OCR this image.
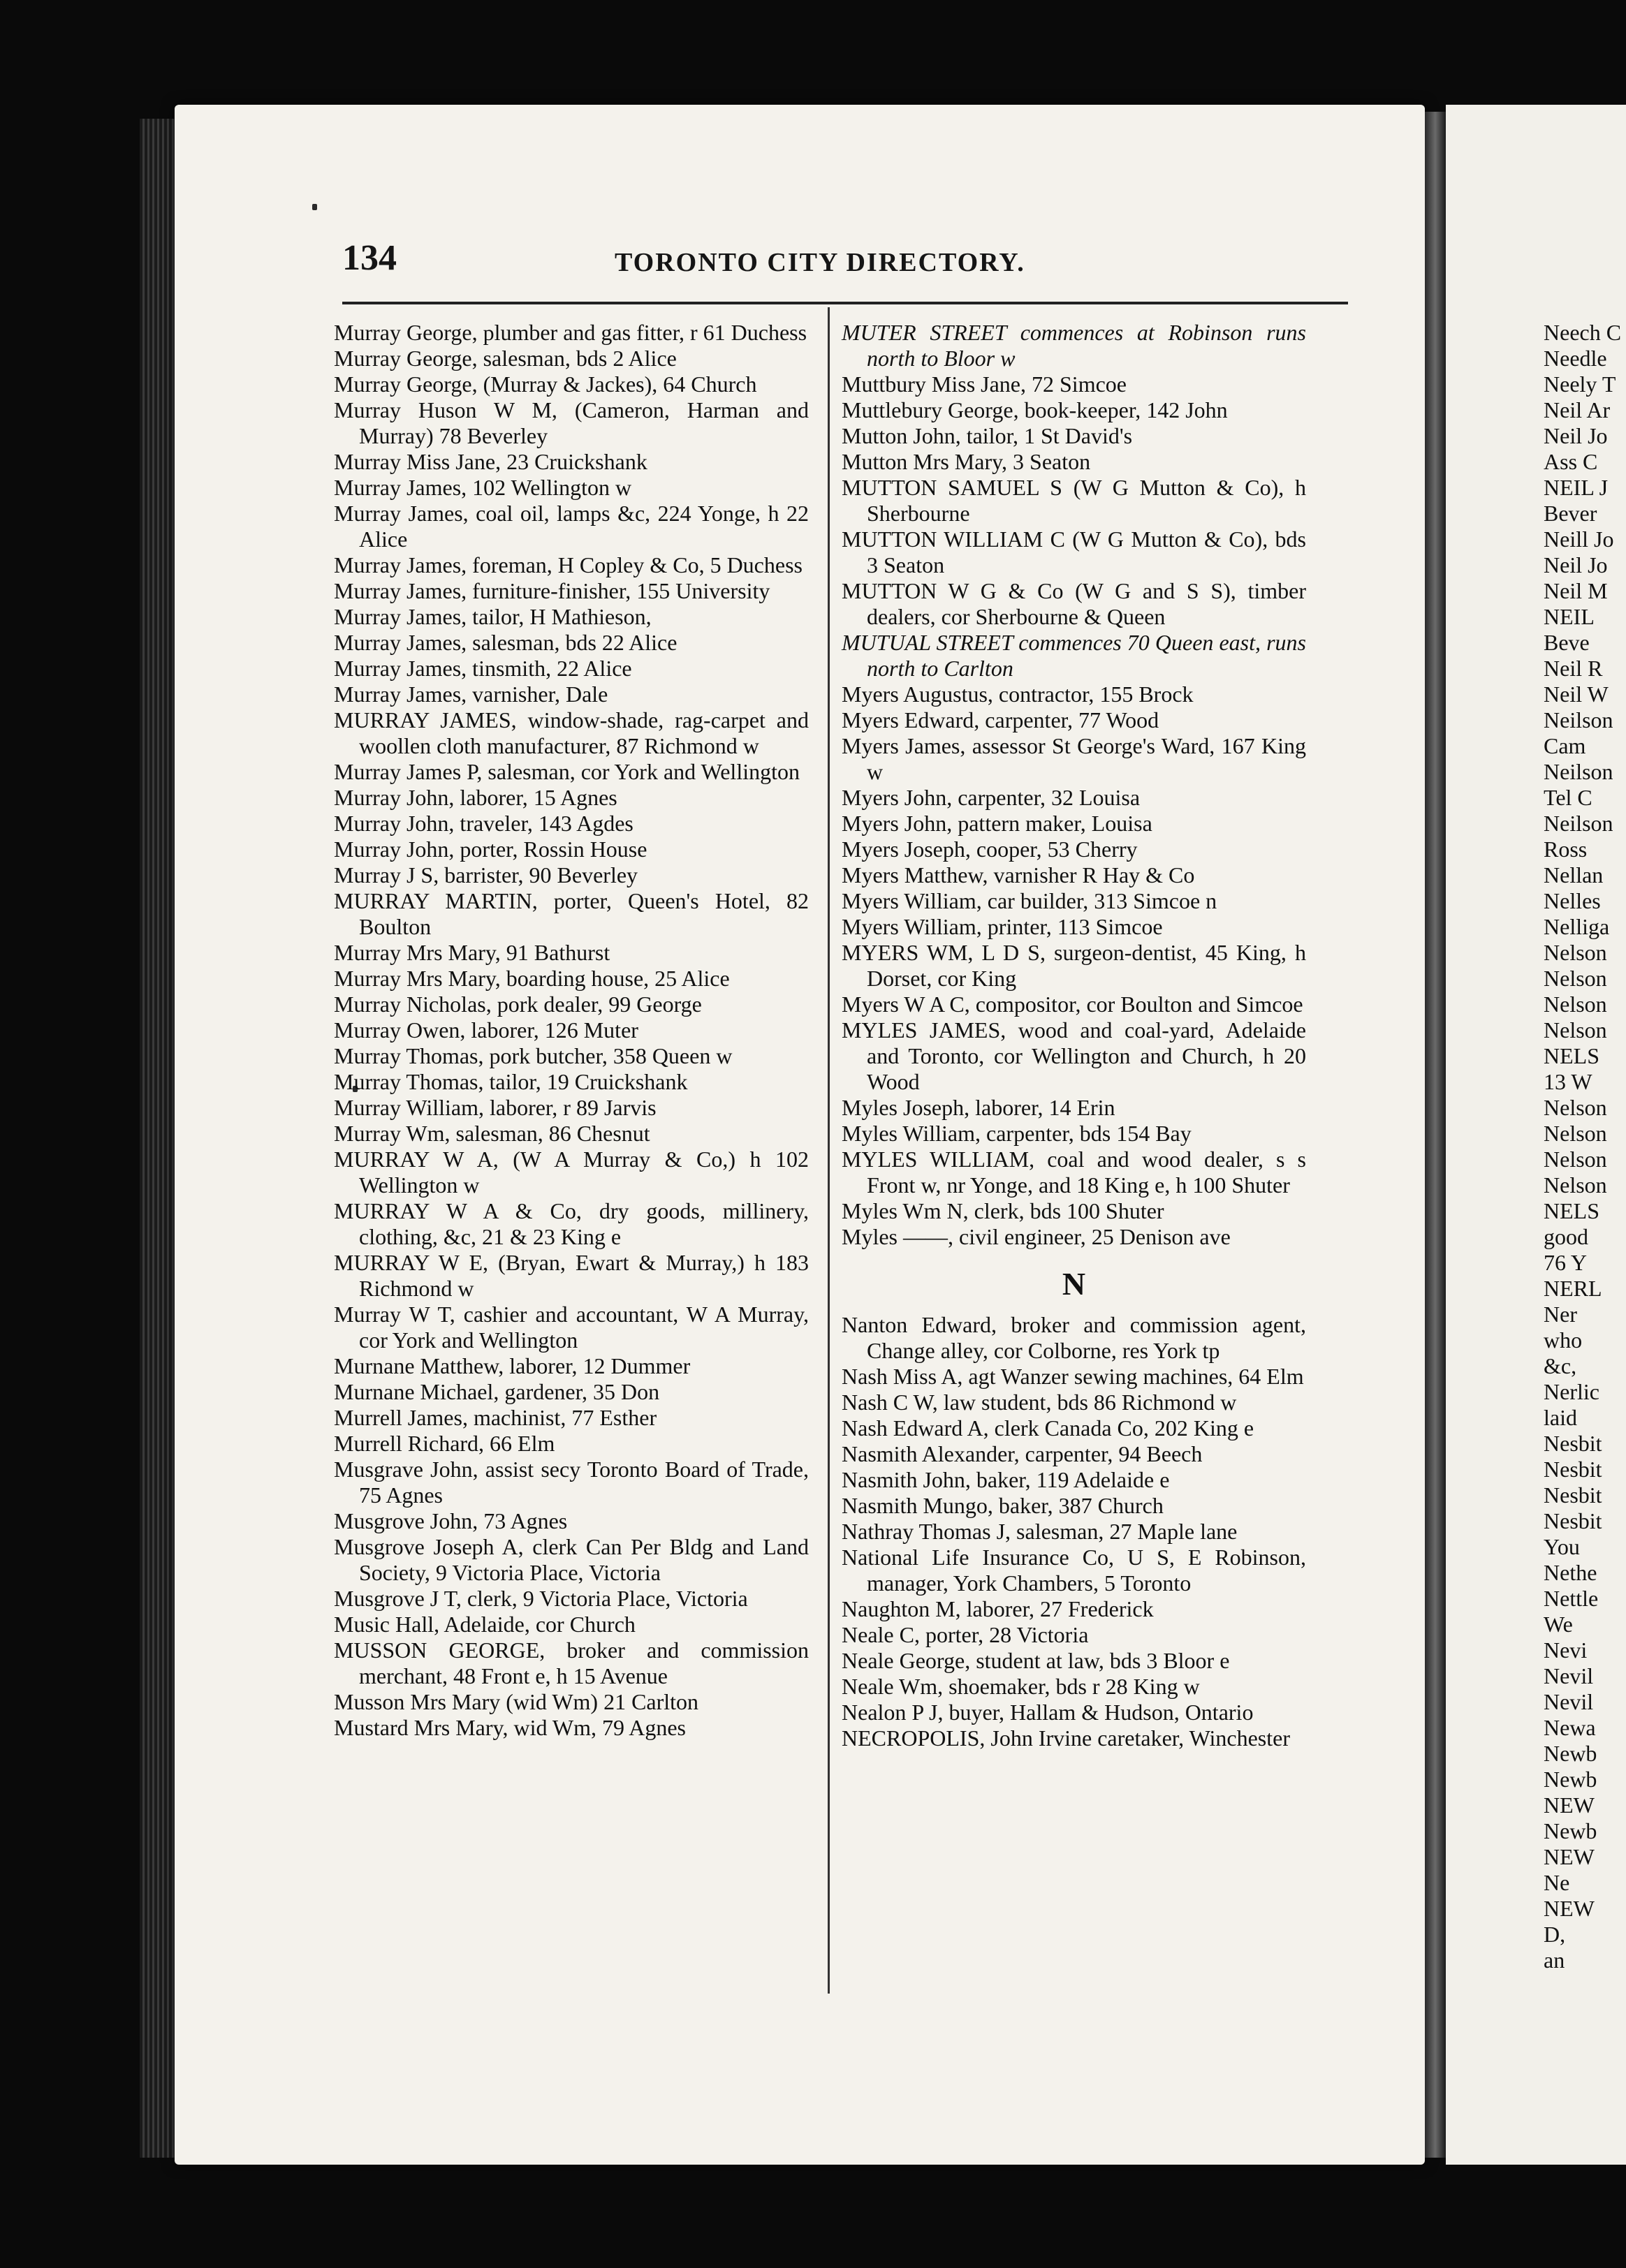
134	TORONTO CITY DIRECTORY.

Murray George, plumber and gas fitter, r 61 Duchess

Murray George, salesman, bds 2 Alice

Murray George, (Murray & Jackes), 64 Church

Murray Huson W M, (Cameron, Harman and Murray) 78 Beverley

Murray Miss Jane, 23 Cruickshank

Murray James, 102 Wellington w

Murray James, coal oil, lamps &c, 224 Yonge, h 22 Alice

Murray James, foreman, H Copley & Co, 5 Duchess

Murray James, furniture-finisher, 155 University

Murray James, tailor, H Mathieson,

Murray James, salesman, bds 22 Alice

Murray James, tinsmith, 22 Alice

Murray James, varnisher, Dale

MURRAY JAMES, window-shade, rag-carpet and woollen cloth manufacturer, 87 Richmond w

Murray James P, salesman, cor York and Wellington

Murray John, laborer, 15 Agnes

Murray John, traveler, 143 Agdes

Murray John, porter, Rossin House

Murray J S, barrister, 90 Beverley

MURRAY MARTIN, porter, Queen's Hotel, 82 Boulton

Murray Mrs Mary, 91 Bathurst

Murray Mrs Mary, boarding house, 25 Alice

Murray Nicholas, pork dealer, 99 George

Murray Owen, laborer, 126 Muter

Murray Thomas, pork butcher, 358 Queen w

Murray Thomas, tailor, 19 Cruickshank

Murray William, laborer, r 89 Jarvis

Murray Wm, salesman, 86 Chesnut

MURRAY W A, (W A Murray & Co,) h 102 Wellington w

MURRAY W A & Co, dry goods, millinery, clothing, &c, 21 & 23 King e

MURRAY W E, (Bryan, Ewart & Murray,) h 183 Richmond w

Murray W T, cashier and accountant, W A Murray, cor York and Wellington

Murnane Matthew, laborer, 12 Dummer

Murnane Michael, gardener, 35 Don

Murrell James, machinist, 77 Esther

Murrell Richard, 66 Elm

Musgrave John, assist secy Toronto Board of Trade, 75 Agnes

Musgrove John, 73 Agnes

Musgrove Joseph A, clerk Can Per Bldg and Land Society, 9 Victoria Place, Victoria

Musgrove J T, clerk, 9 Victoria Place, Victoria

Music Hall, Adelaide, cor Church

MUSSON GEORGE, broker and commission merchant, 48 Front e, h 15 Avenue

Musson Mrs Mary (wid Wm) 21 Carlton

Mustard Mrs Mary, wid Wm, 79 Agnes

MUTER STREET commences at Robinson runs north to Bloor w

Muttbury Miss Jane, 72 Simcoe

Muttlebury George, book-keeper, 142 John

Mutton John, tailor, 1 St David's

Mutton Mrs Mary, 3 Seaton

MUTTON SAMUEL S (W G Mutton & Co), h Sherbourne

MUTTON WILLIAM C (W G Mutton & Co), bds 3 Seaton

MUTTON W G & Co (W G and S S), timber dealers, cor Sherbourne & Queen

MUTUAL STREET commences 70 Queen east, runs north to Carlton

Myers Augustus, contractor, 155 Brock

Myers Edward, carpenter, 77 Wood

Myers James, assessor St George's Ward, 167 King w

Myers John, carpenter, 32 Louisa

Myers John, pattern maker, Louisa

Myers Joseph, cooper, 53 Cherry

Myers Matthew, varnisher R Hay & Co

Myers William, car builder, 313 Simcoe n

Myers William, printer, 113 Simcoe

MYERS WM, L D S, surgeon-dentist, 45 King, h Dorset, cor King

Myers W A C, compositor, cor Boulton and Simcoe

MYLES JAMES, wood and coal-yard, Adelaide and Toronto, cor Wellington and Church, h 20 Wood

Myles Joseph, laborer, 14 Erin

Myles William, carpenter, bds 154 Bay

MYLES WILLIAM, coal and wood dealer, s s Front w, nr Yonge, and 18 King e, h 100 Shuter

Myles Wm N, clerk, bds 100 Shuter

Myles ——, civil engineer, 25 Denison ave

N

Nanton Edward, broker and commission agent, Change alley, cor Colborne, res York tp

Nash Miss A, agt Wanzer sewing machines, 64 Elm

Nash C W, law student, bds 86 Richmond w

Nash Edward A, clerk Canada Co, 202 King e

Nasmith Alexander, carpenter, 94 Beech

Nasmith John, baker, 119 Adelaide e

Nasmith Mungo, baker, 387 Church

Nathray Thomas J, salesman, 27 Maple lane

National Life Insurance Co, U S, E Robinson, manager, York Chambers, 5 Toronto

Naughton M, laborer, 27 Frederick

Neale C, porter, 28 Victoria

Neale George, student at law, bds 3 Bloor e

Neale Wm, shoemaker, bds r 28 King w

Nealon P J, buyer, Hallam & Hudson, Ontario

NECROPOLIS, John Irvine caretaker, Winchester

Neech C

Needle

Neely T

Neil Ar

Neil Jo

Ass C

NEIL J

Bever

Neill Jo

Neil Jo

Neil M

NEIL

Beve

Neil R

Neil W

Neilson

Cam

Neilson

Tel C

Neilson

Ross

Nellan

Nelles

Nelliga

Nelson

Nelson

Nelson

Nelson

NELS

13 W

Nelson

Nelson

Nelson

Nelson

NELS

good

76 Y

NERL

Ner

who

&c,

Nerlic

laid

Nesbit

Nesbit

Nesbit

Nesbit

You

Nethe

Nettle

We

Nevi

Nevil

Nevil

Newa

Newb

Newb

NEW

Newb

NEW

Ne

NEW

D,

an
